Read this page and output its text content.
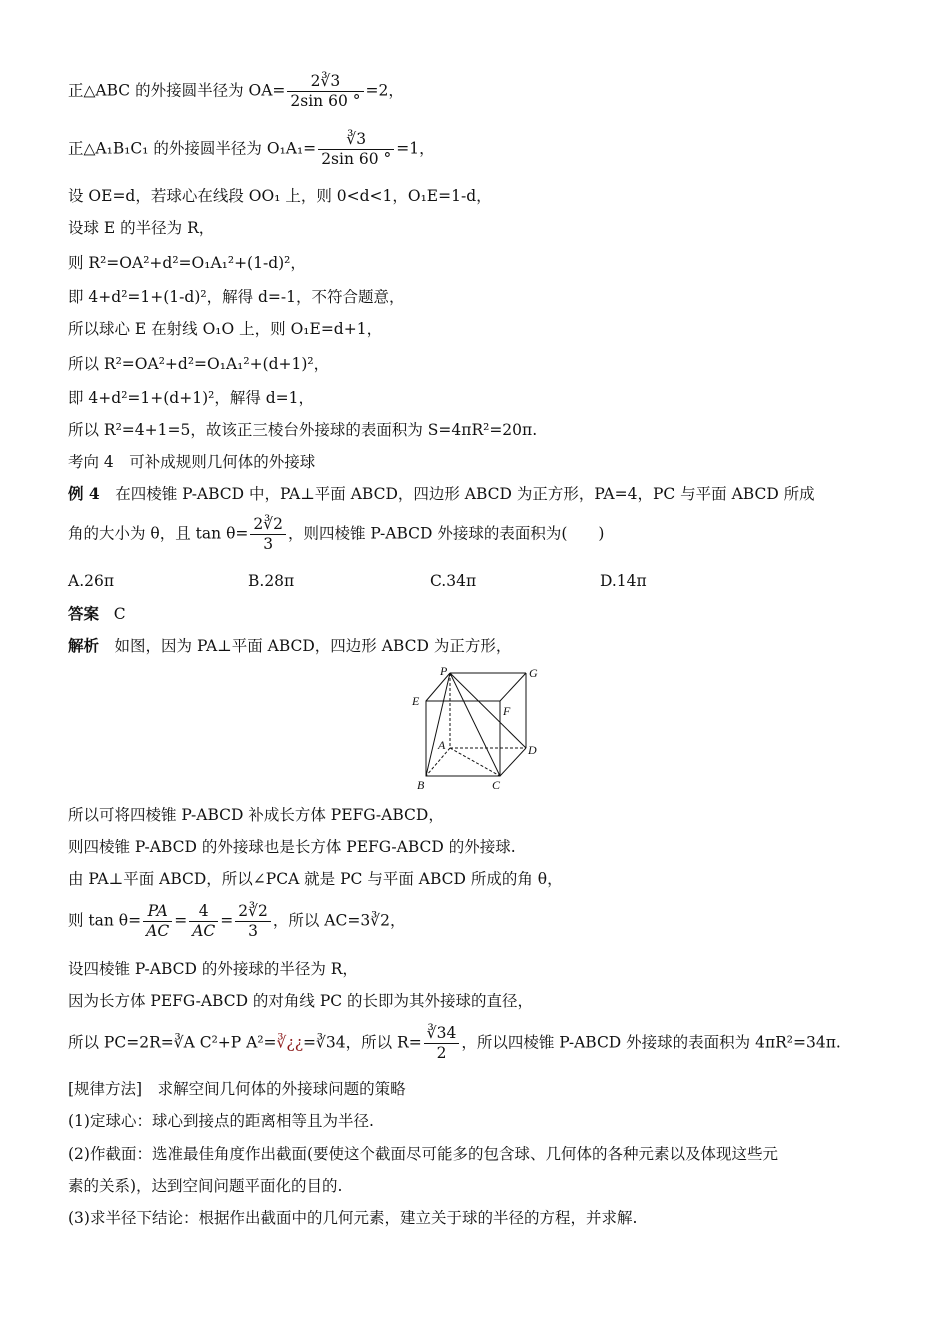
正△ABC 的外接圆半径为 $OA= \frac{2∛3}{2\sin 60 ^\circ} =2$，
正△A₁B₁C₁ 的外接圆半径为 $O_1A_1= \frac{∛3}{2\sin 60 ^\circ} =1$，
设 OE=d，若球心在线段 OO₁ 上，则 0<d<1，O₁E=1-d，
设球 E 的半径为 R，
则 R²=OA²+d²=O₁A₁²+(1-d)²，
即 4+d²=1+(1-d)²，解得 d=-1，不符合题意，
所以球心 E 在射线 O₁O 上，则 O₁E=d+1，
所以 R²=OA²+d²=O₁A₁²+(d+1)²，
即 4+d²=1+(d+1)²，解得 d=1，
所以 R²=4+1=5，故该正三棱台外接球的表面积为 S=4πR²=20π.
考向 4　可补成规则几何体的外接球
例 4　在四棱锥 P-ABCD 中，PA⊥平面 ABCD，四边形 ABCD 为正方形，PA=4，PC 与平面 ABCD 所成
角的大小为 θ，且 $\tan \theta= \frac{2∛2}{3}$ ，则四棱锥 P-ABCD 外接球的表面积为(　　)
A.26π	B.28π	C.34π	D.14π
答案 C
解析　如图，因为 PA⊥平面 ABCD，四边形 ABCD 为正方形，
P	G
E
F
A	D
B	C
所以可将四棱锥 P-ABCD 补成长方体 PEFG-ABCD，
则四棱锥 P-ABCD 的外接球也是长方体 PEFG-ABCD 的外接球.
由 PA⊥平面 ABCD，所以∠PCA 就是 PC 与平面 ABCD 所成的角 θ，
则 $\tan \theta= \frac{PA}{AC} = \frac{4}{AC} = \frac{2∛2}{3}$ ，所以 AC=3∛2，
设四棱锥 P-ABCD 的外接球的半径为 R，
因为长方体 PEFG-ABCD 的对角线 PC 的长即为其外接球的直径，
所以 PC=2R=∛A C²+P A²=∛¿¿=∛34，所以 $R= \frac{∛34}{2}$ ，所以四棱锥 P-ABCD 外接球的表面积为 4πR²=34π.
[规律方法]　求解空间几何体的外接球问题的策略
(1)定球心：球心到接点的距离相等且为半径.
(2)作截面：选准最佳角度作出截面(要使这个截面尽可能多的包含球、几何体的各种元素以及体现这些元
素的关系)，达到空间问题平面化的目的.
(3)求半径下结论：根据作出截面中的几何元素，建立关于球的半径的方程，并求解.
